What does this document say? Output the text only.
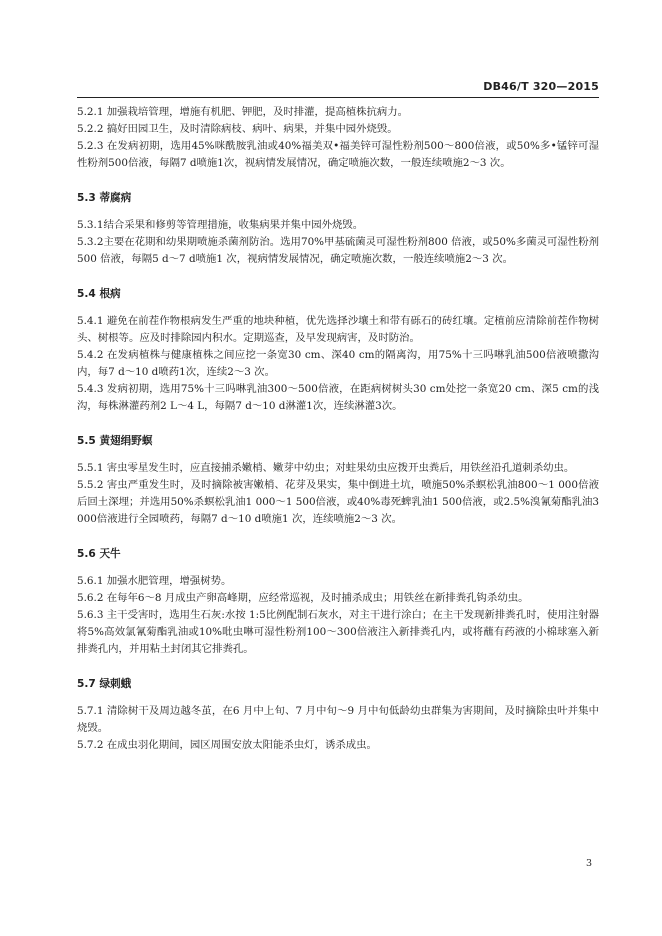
DB46/T 320—2015

5.2.1 加强栽培管理，增施有机肥、钾肥，及时排灌，提高植株抗病力。

5.2.2 搞好田园卫生，及时清除病枝、病叶、病果，并集中园外烧毁。

5.2.3 在发病初期，选用45%咪酰胺乳油或40%福美双•福美锌可湿性粉剂500～800倍液，或50%多•锰锌可湿性粉剂500倍液，每隔7 d喷施1次，视病情发展情况，确定喷施次数，一般连续喷施2～3 次。

5.3 蒂腐病

5.3.1结合采果和修剪等管理措施，收集病果并集中园外烧毁。

5.3.2主要在花期和幼果期喷施杀菌剂防治。选用70%甲基硫菌灵可湿性粉剂800 倍液，或50%多菌灵可湿性粉剂500 倍液，每隔5 d～7 d喷施1 次，视病情发展情况，确定喷施次数，一般连续喷施2～3 次。

5.4 根病

5.4.1 避免在前茬作物根病发生严重的地块种植，优先选择沙壤土和带有砾石的砖红壤。定植前应清除前茬作物树头、树根等。应及时排除园内积水。定期巡查，及早发现病害，及时防治。

5.4.2 在发病植株与健康植株之间应挖一条宽30 cm、深40 cm的隔离沟，用75%十三吗啉乳油500倍液喷撒沟内，每7 d～10 d喷药1次，连续2～3 次。

5.4.3 发病初期，选用75%十三吗啉乳油300～500倍液，在距病树树头30 cm处挖一条宽20 cm、深5 cm的浅沟，每株淋灌药剂2 L～4 L，每隔7 d～10 d淋灌1次，连续淋灌3次。

5.5 黄翅绢野螟

5.5.1 害虫零星发生时，应直接捕杀嫩梢、嫩芽中幼虫；对蛀果幼虫应拨开虫粪后，用铁丝沿孔道刺杀幼虫。

5.5.2 害虫严重发生时，及时摘除被害嫩梢、花芽及果实，集中倒进土坑，喷施50%杀螟松乳油800～1 000倍液后回土深埋；并选用50%杀螟松乳油1 000～1 500倍液，或40%毒死蜱乳油1 500倍液，或2.5%溴氰菊酯乳油3 000倍液进行全园喷药，每隔7 d～10 d喷施1 次，连续喷施2～3 次。

5.6 天牛

5.6.1 加强水肥管理，增强树势。

5.6.2 在每年6～8 月成虫产卵高峰期，应经常巡视，及时捕杀成虫；用铁丝在新排粪孔钩杀幼虫。

5.6.3 主干受害时，选用生石灰:水按 1:5比例配制石灰水，对主干进行涂白；在主干发现新排粪孔时，使用注射器将5%高效氯氰菊酯乳油或10%吡虫啉可湿性粉剂100～300倍液注入新排粪孔内，或将蘸有药液的小棉球塞入新排粪孔内，并用粘土封闭其它排粪孔。

5.7 绿刺蛾

5.7.1 清除树干及周边越冬茧，在6 月中上旬、7 月中旬～9 月中旬低龄幼虫群集为害期间，及时摘除虫叶并集中烧毁。

5.7.2 在成虫羽化期间，园区周围安放太阳能杀虫灯，诱杀成虫。

3
